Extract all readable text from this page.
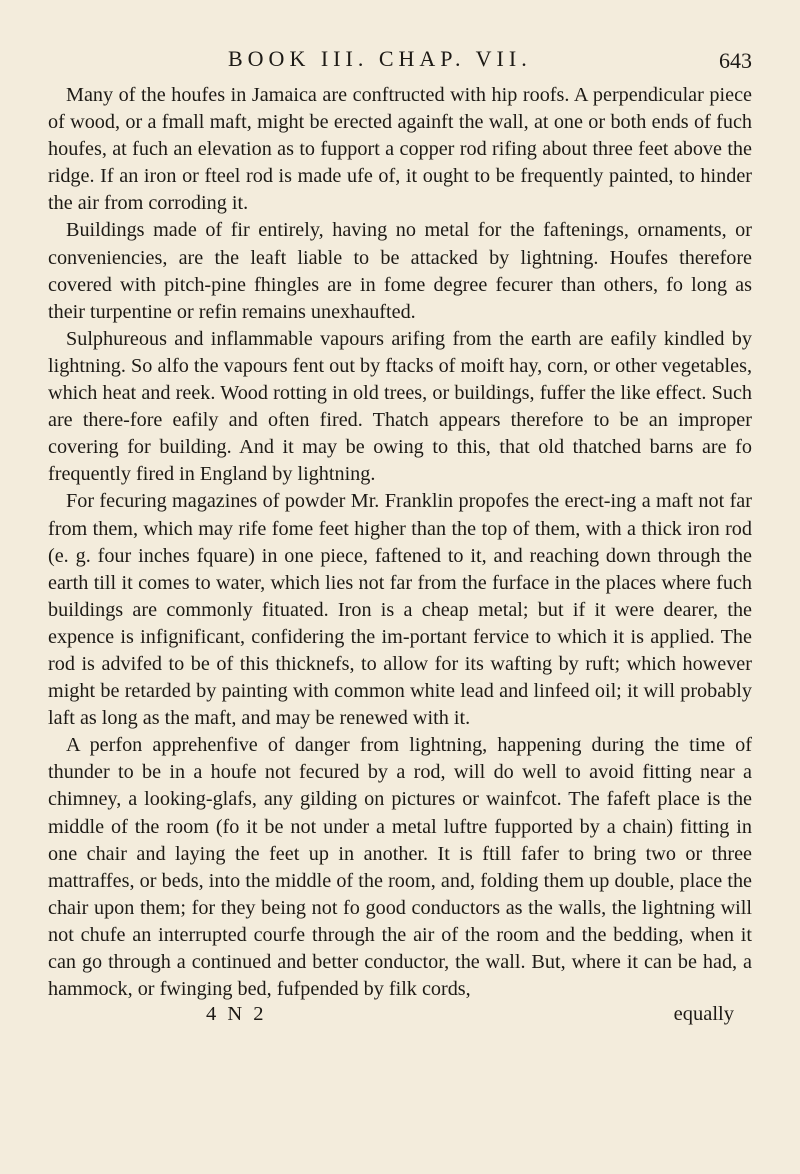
BOOK III. CHAP. VII.	643

Many of the houfes in Jamaica are conftructed with hip roofs. A perpendicular piece of wood, or a fmall maft, might be erected againft the wall, at one or both ends of fuch houfes, at fuch an elevation as to fupport a copper rod rifing about three feet above the ridge. If an iron or fteel rod is made ufe of, it ought to be frequently painted, to hinder the air from corroding it.

Buildings made of fir entirely, having no metal for the faftenings, ornaments, or conveniencies, are the leaft liable to be attacked by lightning. Houfes therefore covered with pitch-pine fhingles are in fome degree fecurer than others, fo long as their turpentine or refin remains unexhaufted.

Sulphureous and inflammable vapours arifing from the earth are eafily kindled by lightning. So alfo the vapours fent out by ftacks of moift hay, corn, or other vegetables, which heat and reek. Wood rotting in old trees, or buildings, fuffer the like effect. Such are there-fore eafily and often fired. Thatch appears therefore to be an improper covering for building. And it may be owing to this, that old thatched barns are fo frequently fired in England by lightning.

For fecuring magazines of powder Mr. Franklin propofes the erect-ing a maft not far from them, which may rife fome feet higher than the top of them, with a thick iron rod (e. g. four inches fquare) in one piece, faftened to it, and reaching down through the earth till it comes to water, which lies not far from the furface in the places where fuch buildings are commonly fituated. Iron is a cheap metal; but if it were dearer, the expence is infignificant, confidering the im-portant fervice to which it is applied. The rod is advifed to be of this thicknefs, to allow for its wafting by ruft; which however might be retarded by painting with common white lead and linfeed oil; it will probably laft as long as the maft, and may be renewed with it.

A perfon apprehenfive of danger from lightning, happening during the time of thunder to be in a houfe not fecured by a rod, will do well to avoid fitting near a chimney, a looking-glafs, any gilding on pictures or wainfcot. The fafeft place is the middle of the room (fo it be not under a metal luftre fupported by a chain) fitting in one chair and laying the feet up in another. It is ftill fafer to bring two or three mattraffes, or beds, into the middle of the room, and, folding them up double, place the chair upon them; for they being not fo good conductors as the walls, the lightning will not chufe an interrupted courfe through the air of the room and the bedding, when it can go through a continued and better conductor, the wall. But, where it can be had, a hammock, or fwinging bed, fufpended by filk cords,

4 N 2	equally
